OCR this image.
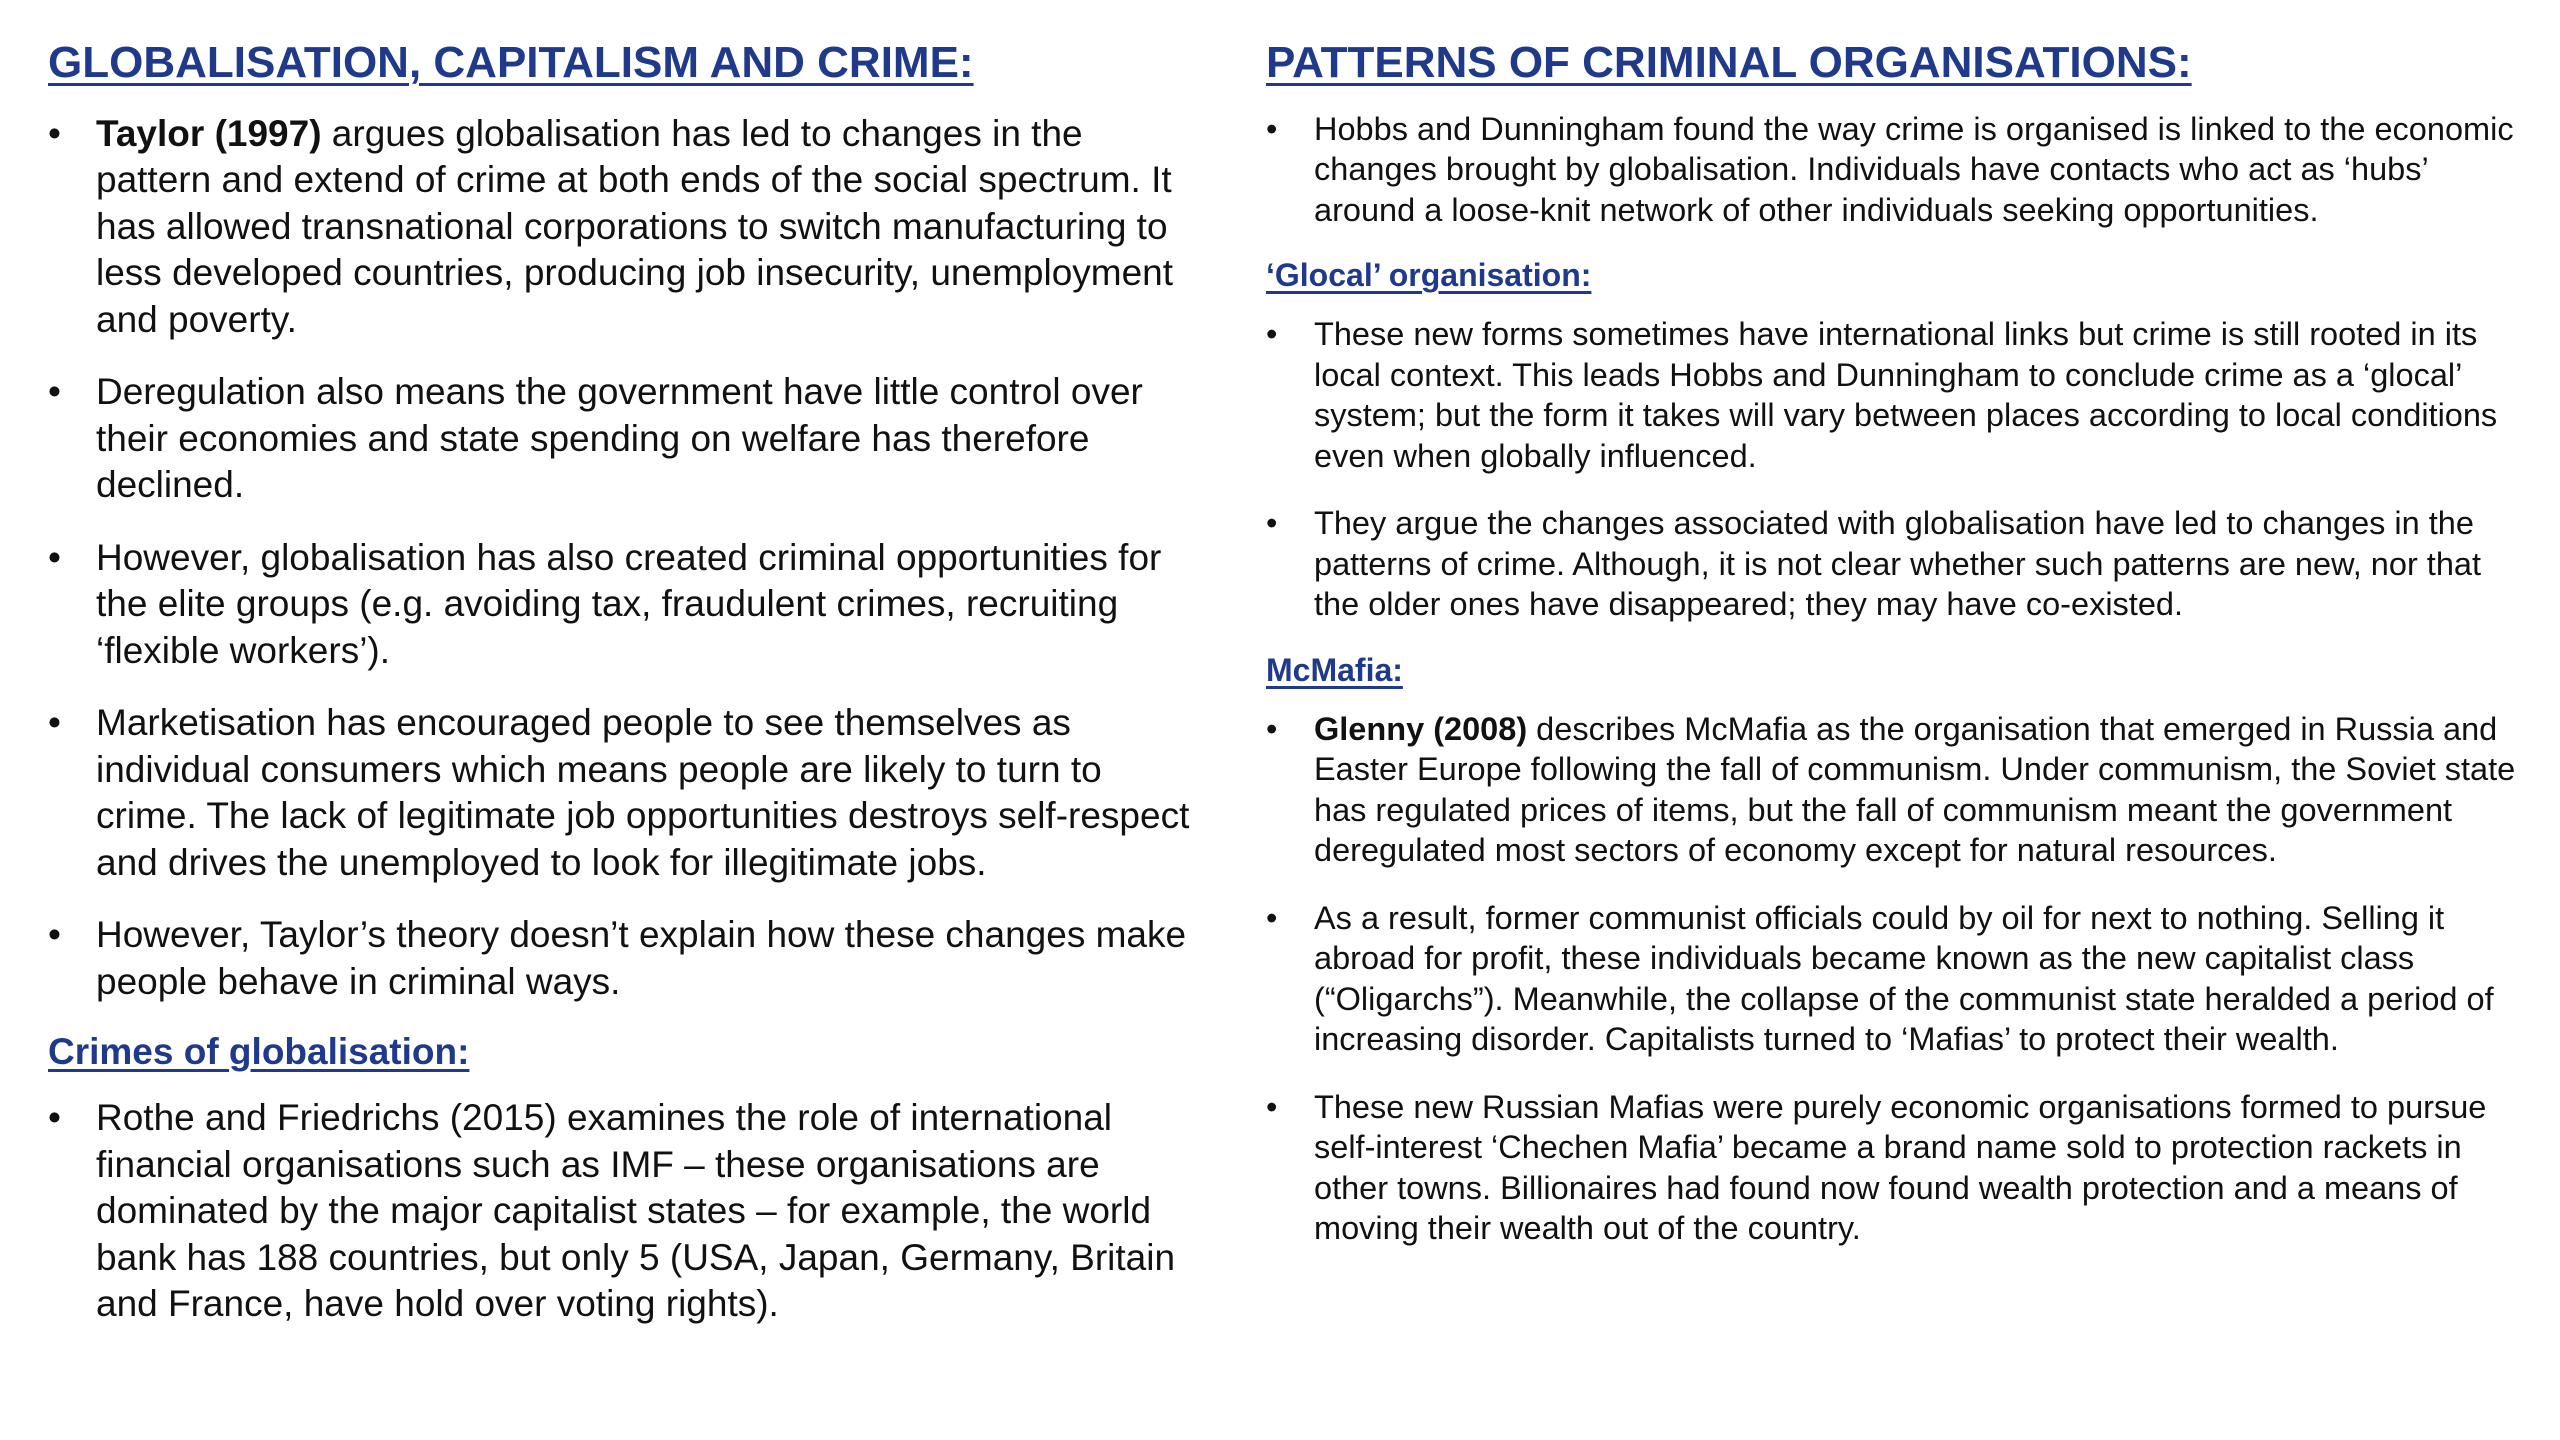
GLOBALISATION, CAPITALISM AND CRIME:
• Taylor (1997) argues globalisation has led to changes in the pattern and extend of crime at both ends of the social spectrum. It has allowed transnational corporations to switch manufacturing to less developed countries, producing job insecurity, unemployment and poverty.
• Deregulation also means the government have little control over their economies and state spending on welfare has therefore declined.
• However, globalisation has also created criminal opportunities for the elite groups (e.g. avoiding tax, fraudulent crimes, recruiting ‘flexible workers’).
• Marketisation has encouraged people to see themselves as individual consumers which means people are likely to turn to crime. The lack of legitimate job opportunities destroys self-respect and drives the unemployed to look for illegitimate jobs.
• However, Taylor’s theory doesn’t explain how these changes make people behave in criminal ways.
Crimes of globalisation:
• Rothe and Friedrichs (2015) examines the role of international financial organisations such as IMF – these organisations are dominated by the major capitalist states – for example, the world bank has 188 countries, but only 5 (USA, Japan, Germany, Britain and France, have hold over voting rights).
PATTERNS OF CRIMINAL ORGANISATIONS:
• Hobbs and Dunningham found the way crime is organised is linked to the economic changes brought by globalisation. Individuals have contacts who act as ‘hubs’ around a loose-knit network of other individuals seeking opportunities.
‘Glocal’ organisation:
• These new forms sometimes have international links but crime is still rooted in its local context. This leads Hobbs and Dunningham to conclude crime as a ‘glocal’ system; but the form it takes will vary between places according to local conditions even when globally influenced.
• They argue the changes associated with globalisation have led to changes in the patterns of crime. Although, it is not clear whether such patterns are new, nor that the older ones have disappeared; they may have co-existed.
McMafia:
• Glenny (2008) describes McMafia as the organisation that emerged in Russia and Easter Europe following the fall of communism. Under communism, the Soviet state has regulated prices of items, but the fall of communism meant the government deregulated most sectors of economy except for natural resources.
• As a result, former communist officials could by oil for next to nothing. Selling it abroad for profit, these individuals became known as the new capitalist class (“Oligarchs”). Meanwhile, the collapse of the communist state heralded a period of increasing disorder. Capitalists turned to ‘Mafias’ to protect their wealth.
• These new Russian Mafias were purely economic organisations formed to pursue self-interest ‘Chechen Mafia’ became a brand name sold to protection rackets in other towns. Billionaires had found now found wealth protection and a means of moving their wealth out of the country.
